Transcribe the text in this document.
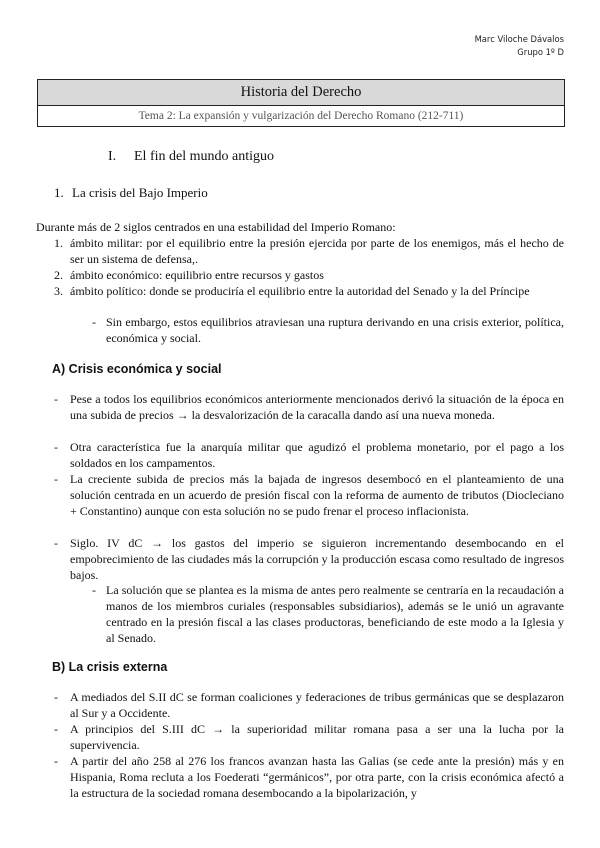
Marc Viloche Dávalos
Grupo 1º D
Historia del Derecho
Tema 2: La expansión y vulgarización del Derecho Romano (212-711)
I. El fin del mundo antiguo
1. La crisis del Bajo Imperio
Durante más de 2 siglos centrados en una estabilidad del Imperio Romano:
1. ámbito militar: por el equilibrio entre la presión ejercida por parte de los enemigos, más el hecho de ser un sistema de defensa,.
2. ámbito económico: equilibrio entre recursos y gastos
3. ámbito político: donde se produciría el equilibrio entre la autoridad del Senado y la del Príncipe
- Sin embargo, estos equilibrios atraviesan una ruptura derivando en una crisis exterior, política, económica y social.
A) Crisis económica y social
- Pese a todos los equilibrios económicos anteriormente mencionados derivó la situación de la época en una subida de precios → la desvalorización de la caracalla dando así una nueva moneda.
- Otra característica fue la anarquía militar que agudizó el problema monetario, por el pago a los soldados en los campamentos.
- La creciente subida de precios más la bajada de ingresos desembocó en el planteamiento de una solución centrada en un acuerdo de presión fiscal con la reforma de aumento de tributos (Diocleciano + Constantino) aunque con esta solución no se pudo frenar el proceso inflacionista.
- Siglo. IV dC → los gastos del imperio se siguieron incrementando desembocando en el empobrecimiento de las ciudades más la corrupción y la producción escasa como resultado de ingresos bajos.
- La solución que se plantea es la misma de antes pero realmente se centraría en la recaudación a manos de los miembros curiales (responsables subsidiarios), además se le unió un agravante centrado en la presión fiscal a las clases productoras, beneficiando de este modo a la Iglesia y al Senado.
B) La crisis externa
- A mediados del S.II dC se forman coaliciones y federaciones de tribus germánicas que se desplazaron al Sur y a Occidente.
- A principios del S.III dC → la superioridad militar romana pasa a ser una la lucha por la supervivencia.
- A partir del año 258 al 276 los francos avanzan hasta las Galias (se cede ante la presión) más y en Hispania, Roma recluta a los Foederati “germánicos”, por otra parte, con la crisis económica afectó a la estructura de la sociedad romana desembocando a la bipolarización, y
